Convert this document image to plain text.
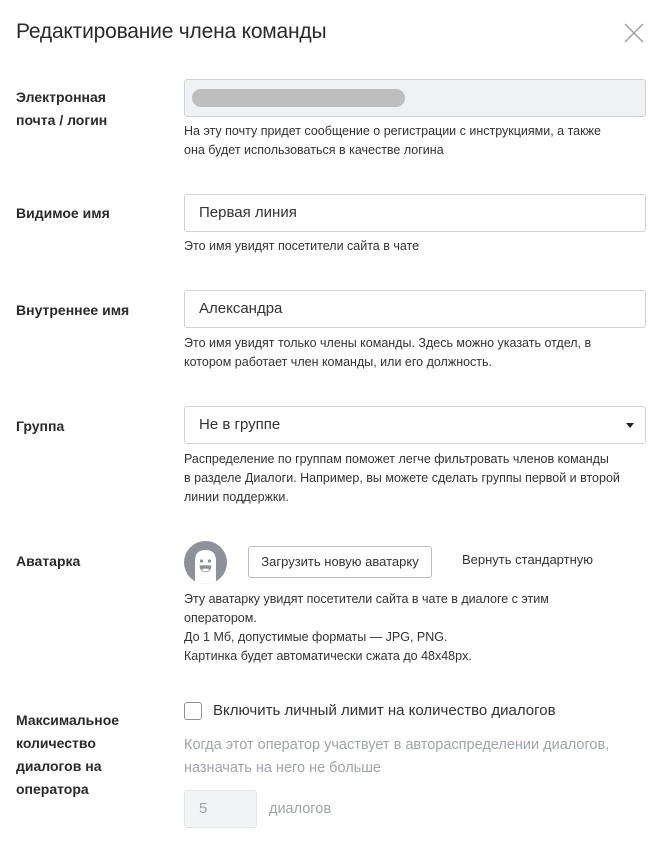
Редактирование члена команды
Электронная
почта / логин
На эту почту придет сообщение о регистрации с инструкциями, а также
она будет использоваться в качестве логина
Видимое имя	Первая линия
Это имя увидят посетители сайта в чате
Внутреннее имя	Александра
Это имя увидят только члены команды. Здесь можно указать отдел, в
котором работает член команды, или его должность.
Группа	Не в группе
Распределение по группам поможет легче фильтровать членов команды
в разделе Диалоги. Например, вы можете сделать группы первой и второй
линии поддержки.
Аватарка	Загрузить новую аватарку	Вернуть стандартную
Эту аватарку увидят посетители сайта в чате в диалоге с этим
оператором.
До 1 Мб, допустимые форматы — JPG, PNG.
Картинка будет автоматически сжата до 48x48px.
Максимальное
количество
диалогов на
оператора
Включить личный лимит на количество диалогов
Когда этот оператор участвует в автораспределении диалогов,
назначать на него не больше
5	диалогов
